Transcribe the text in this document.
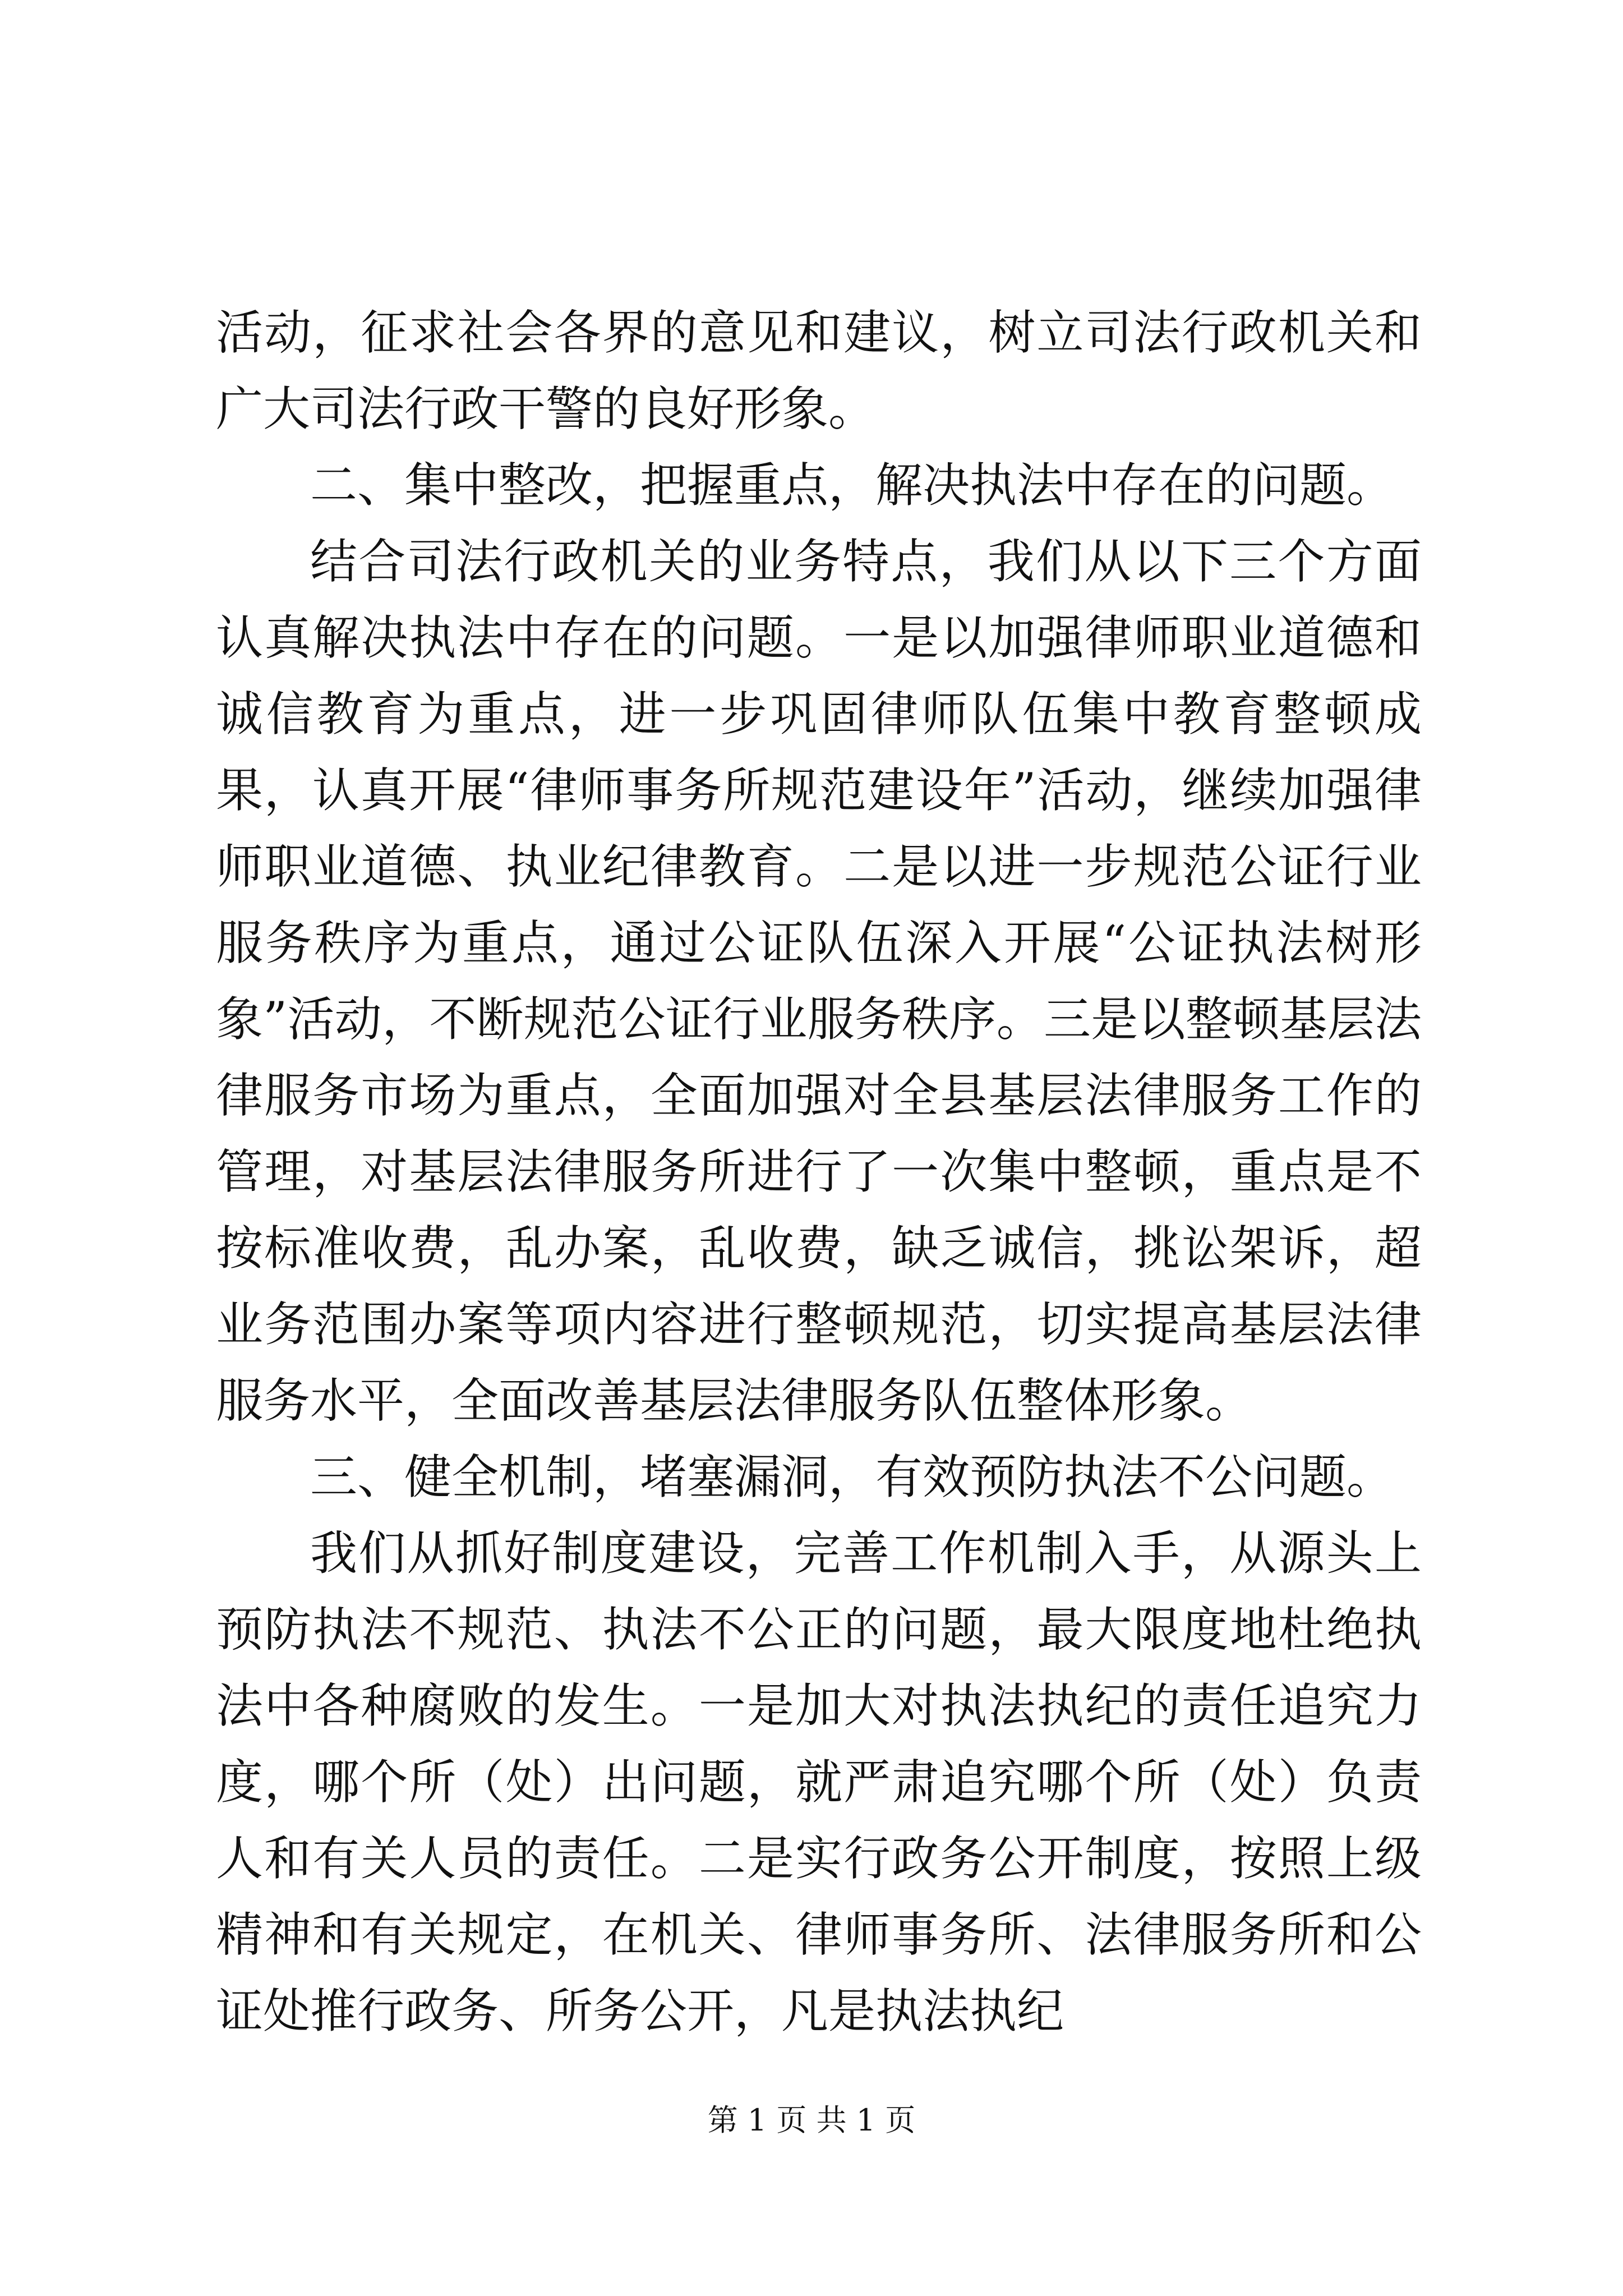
活动，征求社会各界的意见和建议，树立司法行政机关和广大司法行政干警的良好形象。

二、集中整改，把握重点，解决执法中存在的问题。

结合司法行政机关的业务特点，我们从以下三个方面认真解决执法中存在的问题。一是以加强律师职业道德和诚信教育为重点，进一步巩固律师队伍集中教育整顿成果，认真开展“律师事务所规范建设年”活动，继续加强律师职业道德、执业纪律教育。二是以进一步规范公证行业服务秩序为重点，通过公证队伍深入开展“公证执法树形象”活动，不断规范公证行业服务秩序。三是以整顿基层法律服务市场为重点，全面加强对全县基层法律服务工作的管理，对基层法律服务所进行了一次集中整顿，重点是不按标准收费，乱办案，乱收费，缺乏诚信，挑讼架诉，超业务范围办案等项内容进行整顿规范，切实提高基层法律服务水平，全面改善基层法律服务队伍整体形象。

三、健全机制，堵塞漏洞，有效预防执法不公问题。

我们从抓好制度建设，完善工作机制入手，从源头上预防执法不规范、执法不公正的问题，最大限度地杜绝执法中各种腐败的发生。一是加大对执法执纪的责任追究力度，哪个所（处）出问题，就严肃追究哪个所（处）负责人和有关人员的责任。二是实行政务公开制度，按照上级精神和有关规定，在机关、律师事务所、法律服务所和公证处推行政务、所务公开，凡是执法执纪

第 1 页 共 1 页
